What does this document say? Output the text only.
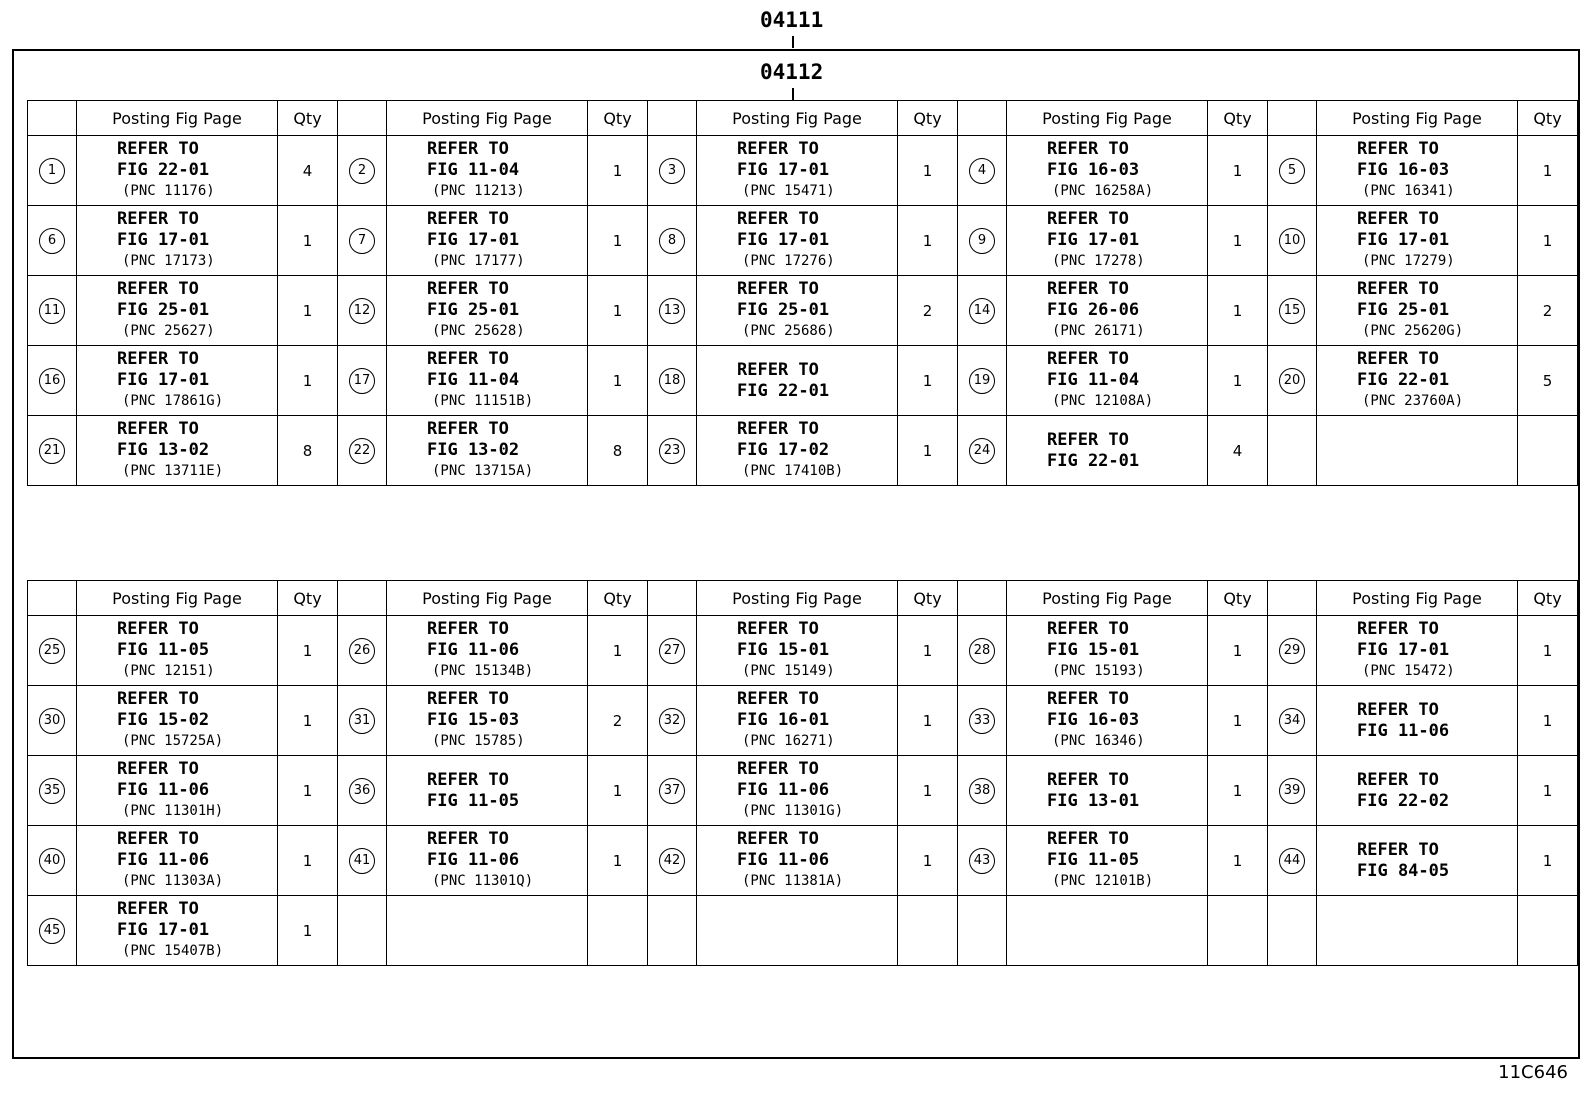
04111
04112
	Posting Fig Page	Qty		Posting Fig Page	Qty		Posting Fig Page	Qty		Posting Fig Page	Qty		Posting Fig Page	Qty
1	REFER TO
FIG 22-01
(PNC 11176)	4	2	REFER TO
FIG 11-04
(PNC 11213)	1	3	REFER TO
FIG 17-01
(PNC 15471)	1	4	REFER TO
FIG 16-03
(PNC 16258A)	1	5	REFER TO
FIG 16-03
(PNC 16341)	1
6	REFER TO
FIG 17-01
(PNC 17173)	1	7	REFER TO
FIG 17-01
(PNC 17177)	1	8	REFER TO
FIG 17-01
(PNC 17276)	1	9	REFER TO
FIG 17-01
(PNC 17278)	1	10	REFER TO
FIG 17-01
(PNC 17279)	1
11	REFER TO
FIG 25-01
(PNC 25627)	1	12	REFER TO
FIG 25-01
(PNC 25628)	1	13	REFER TO
FIG 25-01
(PNC 25686)	2	14	REFER TO
FIG 26-06
(PNC 26171)	1	15	REFER TO
FIG 25-01
(PNC 25620G)	2
16	REFER TO
FIG 17-01
(PNC 17861G)	1	17	REFER TO
FIG 11-04
(PNC 11151B)	1	18	REFER TO
FIG 22-01	1	19	REFER TO
FIG 11-04
(PNC 12108A)	1	20	REFER TO
FIG 22-01
(PNC 23760A)	5
21	REFER TO
FIG 13-02
(PNC 13711E)	8	22	REFER TO
FIG 13-02
(PNC 13715A)	8	23	REFER TO
FIG 17-02
(PNC 17410B)	1	24	REFER TO
FIG 22-01	4		

	Posting Fig Page	Qty		Posting Fig Page	Qty		Posting Fig Page	Qty		Posting Fig Page	Qty		Posting Fig Page	Qty
25	REFER TO
FIG 11-05
(PNC 12151)	1	26	REFER TO
FIG 11-06
(PNC 15134B)	1	27	REFER TO
FIG 15-01
(PNC 15149)	1	28	REFER TO
FIG 15-01
(PNC 15193)	1	29	REFER TO
FIG 17-01
(PNC 15472)	1
30	REFER TO
FIG 15-02
(PNC 15725A)	1	31	REFER TO
FIG 15-03
(PNC 15785)	2	32	REFER TO
FIG 16-01
(PNC 16271)	1	33	REFER TO
FIG 16-03
(PNC 16346)	1	34	REFER TO
FIG 11-06	1
35	REFER TO
FIG 11-06
(PNC 11301H)	1	36	REFER TO
FIG 11-05	1	37	REFER TO
FIG 11-06
(PNC 11301G)	1	38	REFER TO
FIG 13-01	1	39	REFER TO
FIG 22-02	1
40	REFER TO
FIG 11-06
(PNC 11303A)	1	41	REFER TO
FIG 11-06
(PNC 11301Q)	1	42	REFER TO
FIG 11-06
(PNC 11381A)	1	43	REFER TO
FIG 11-05
(PNC 12101B)	1	44	REFER TO
FIG 84-05	1
45	REFER TO
FIG 17-01
(PNC 15407B)	1		

11C646
